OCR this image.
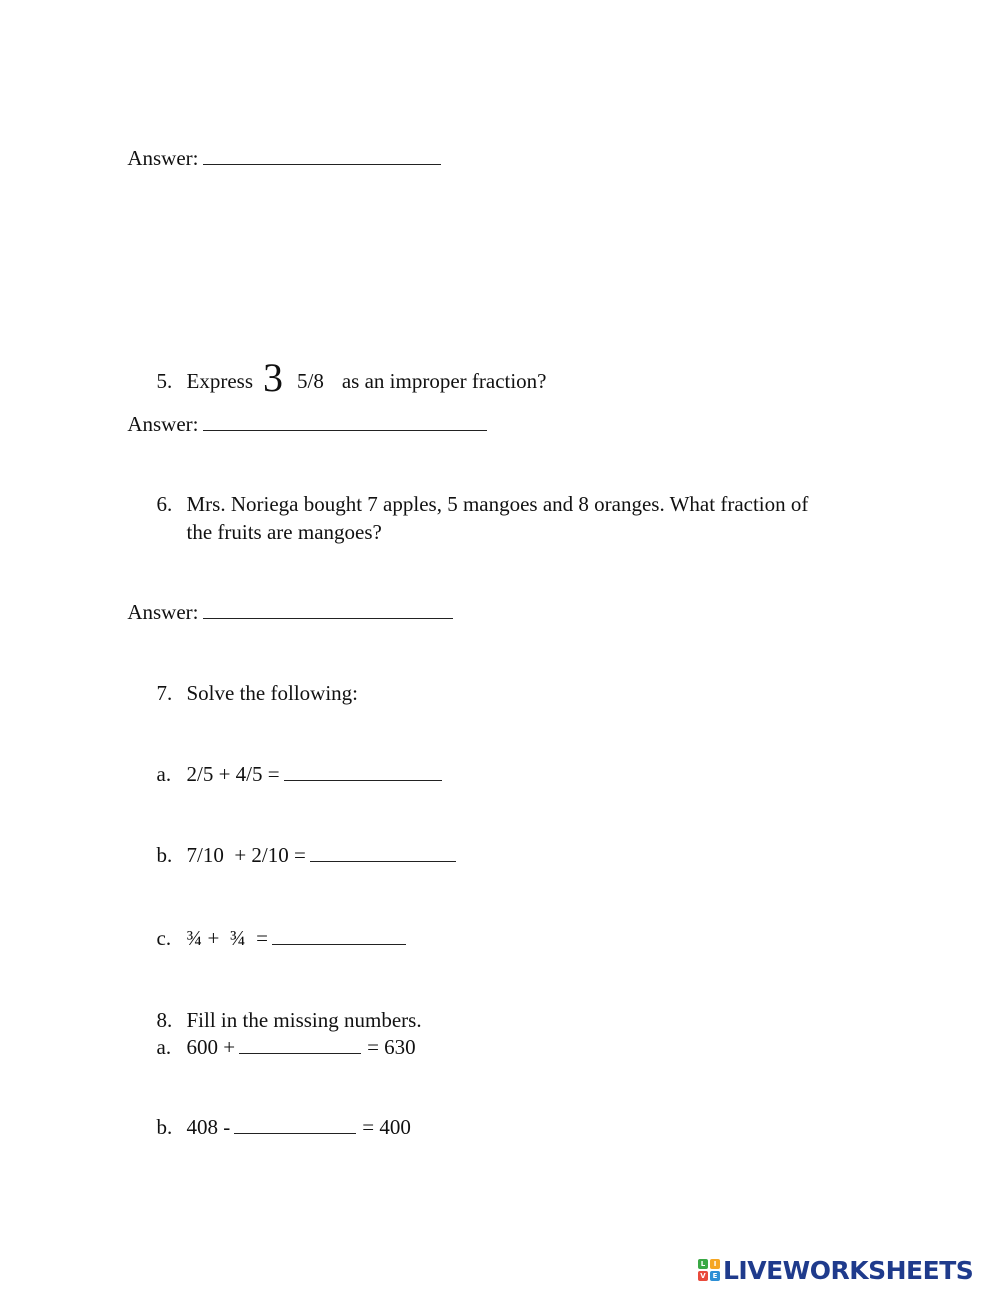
Answer:

5. Express 3 5/8 as an improper fraction?

Answer:

6. Mrs. Noriega bought 7 apples, 5 mangoes and 8 oranges. What fraction of

the fruits are mangoes?

Answer:

7. Solve the following:

a. 2/5 + 4/5 =

b. 7/10  + 2/10 =

c. ¾ +  ¾  =

8. Fill in the missing numbers.

a. 600 +	= 630

b. 408 -	= 400

L	I
V E LIVEWORKSHEETS
